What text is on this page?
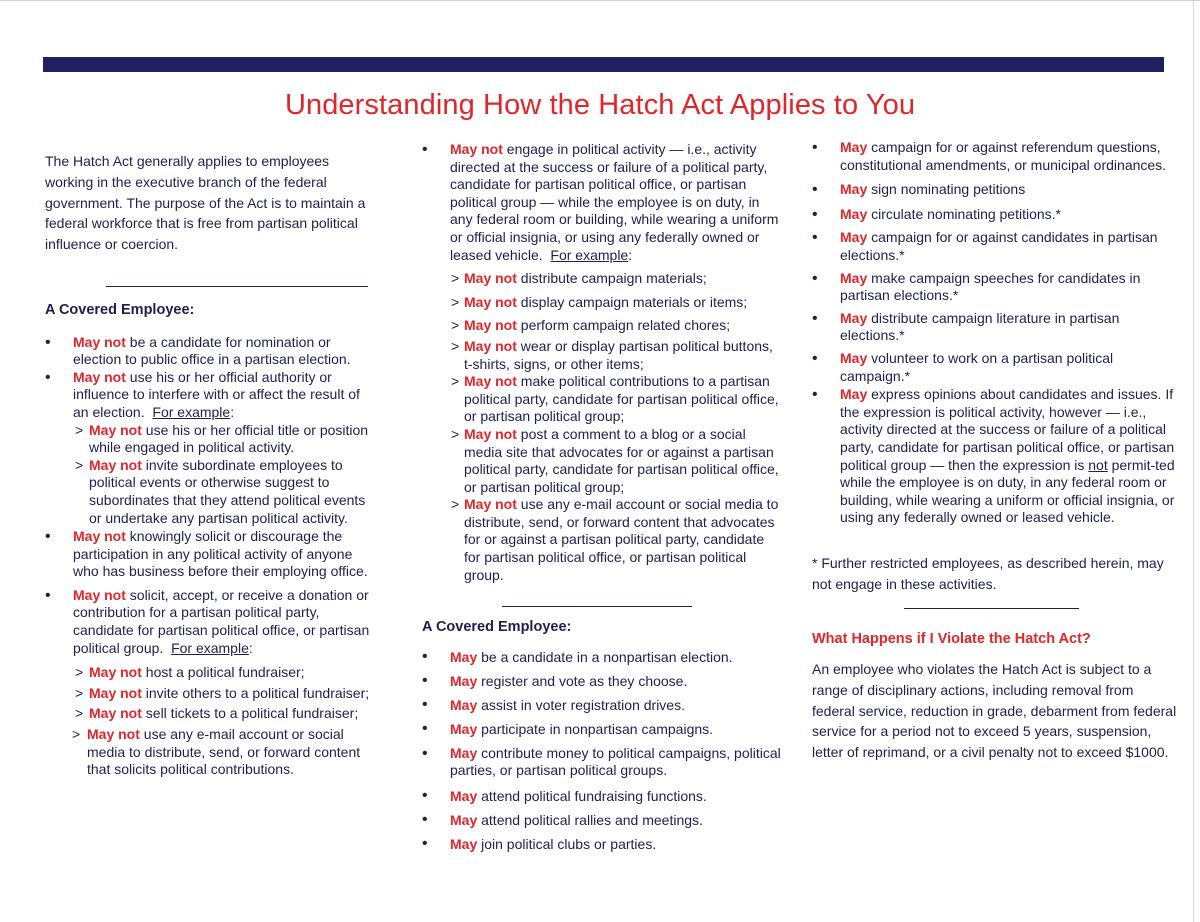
Understanding How the Hatch Act Applies to You

The Hatch Act generally applies to employees working in the executive branch of the federal government. The purpose of the Act is to maintain a federal workforce that is free from partisan political influence or coercion.

A Covered Employee:

• May not be a candidate for nomination or election to public office in a partisan election.
• May not use his or her official authority or influence to interfere with or affect the result of an election. For example:
> May not use his or her official title or position while engaged in political activity.
> May not invite subordinate employees to political events or otherwise suggest to subordinates that they attend political events or undertake any partisan political activity.
• May not knowingly solicit or discourage the participation in any political activity of anyone who has business before their employing office.
• May not solicit, accept, or receive a donation or contribution for a partisan political party, candidate for partisan political office, or partisan political group. For example:
> May not host a political fundraiser;
> May not invite others to a political fundraiser;
> May not sell tickets to a political fundraiser;
> May not use any e-mail account or social media to distribute, send, or forward content that solicits political contributions.
• May not engage in political activity — i.e., activity directed at the success or failure of a political party, candidate for partisan political office, or partisan political group — while the employee is on duty, in any federal room or building, while wearing a uniform or official insignia, or using any federally owned or leased vehicle. For example:
> May not distribute campaign materials;
> May not display campaign materials or items;
> May not perform campaign related chores;
> May not wear or display partisan political buttons, t-shirts, signs, or other items;
> May not make political contributions to a partisan political party, candidate for partisan political office, or partisan political group;
> May not post a comment to a blog or a social media site that advocates for or against a partisan political party, candidate for partisan political office, or partisan political group;
> May not use any e-mail account or social media to distribute, send, or forward content that advocates for or against a partisan political party, candidate for partisan political office, or partisan political group.

A Covered Employee:

• May be a candidate in a nonpartisan election.
• May register and vote as they choose.
• May assist in voter registration drives.
• May participate in nonpartisan campaigns.
• May contribute money to political campaigns, political parties, or partisan political groups.
• May attend political fundraising functions.
• May attend political rallies and meetings.
• May join political clubs or parties.
• May campaign for or against referendum questions, constitutional amendments, or municipal ordinances.
• May sign nominating petitions
• May circulate nominating petitions.*
• May campaign for or against candidates in partisan elections.*
• May make campaign speeches for candidates in partisan elections.*
• May distribute campaign literature in partisan elections.*
• May volunteer to work on a partisan political campaign.*
• May express opinions about candidates and issues. If the expression is political activity, however — i.e., activity directed at the success or failure of a political party, candidate for partisan political office, or partisan political group — then the expression is not permit-ted while the employee is on duty, in any federal room or building, while wearing a uniform or official insignia, or using any federally owned or leased vehicle.

* Further restricted employees, as described herein, may not engage in these activities.

What Happens if I Violate the Hatch Act?

An employee who violates the Hatch Act is subject to a range of disciplinary actions, including removal from federal service, reduction in grade, debarment from federal service for a period not to exceed 5 years, suspension, letter of reprimand, or a civil penalty not to exceed $1000.
